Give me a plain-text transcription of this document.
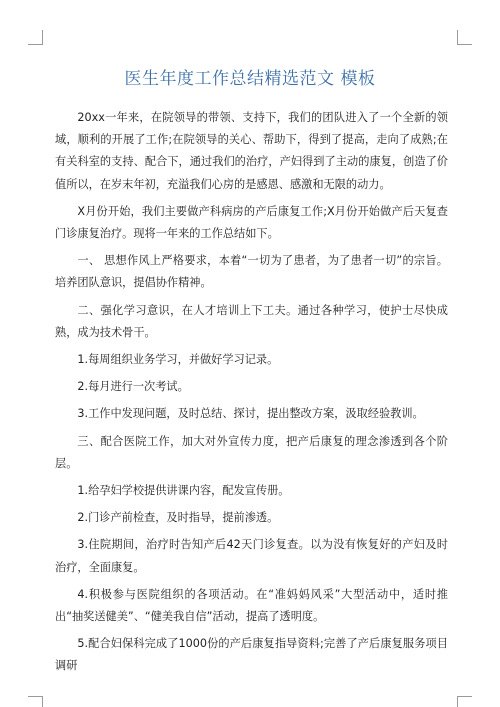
医生年度工作总结精选范文 模板

20xx一年来，在院领导的带领、支持下，我们的团队进入了一个全新的领域，顺利的开展了工作;在院领导的关心、帮助下，得到了提高，走向了成熟;在有关科室的支持、配合下，通过我们的治疗，产妇得到了主动的康复，创造了价值所以，在岁末年初，充溢我们心房的是感恩、感激和无限的动力。

X月份开始，我们主要做产科病房的产后康复工作;X月份开始做产后天复查门诊康复治疗。现将一年来的工作总结如下。

一、 思想作风上严格要求，本着“一切为了患者，为了患者一切”的宗旨。培养团队意识，提倡协作精神。

二、强化学习意识，在人才培训上下工夫。通过各种学习，使护士尽快成熟，成为技术骨干。

1.每周组织业务学习，并做好学习记录。

2.每月进行一次考试。

3.工作中发现问题，及时总结、探讨，提出整改方案，汲取经验教训。

三、配合医院工作，加大对外宣传力度，把产后康复的理念渗透到各个阶层。

1.给孕妇学校提供讲课内容，配发宣传册。

2.门诊产前检查，及时指导，提前渗透。

3.住院期间，治疗时告知产后42天门诊复查。以为没有恢复好的产妇及时治疗，全面康复。

4.积极参与医院组织的各项活动。在“准妈妈风采”大型活动中，适时推出“抽奖送健美”、“健美我自信”活动，提高了透明度。

5.配合妇保科完成了1000份的产后康复指导资料;完善了产后康复服务项目调研
